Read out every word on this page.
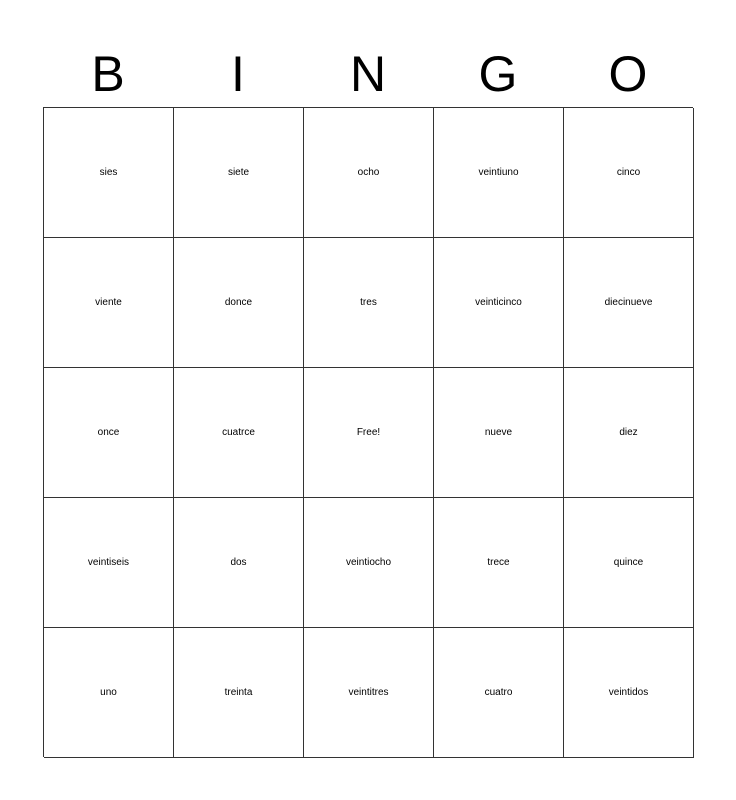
B	I	N	G	O
sies	siete	ocho	veintiuno	cinco
viente	donce	tres	veinticinco	diecinueve
once	cuatrce	Free!	nueve	diez
veintiseis	dos	veintiocho	trece	quince
uno	treinta	veintitres	cuatro	veintidos
